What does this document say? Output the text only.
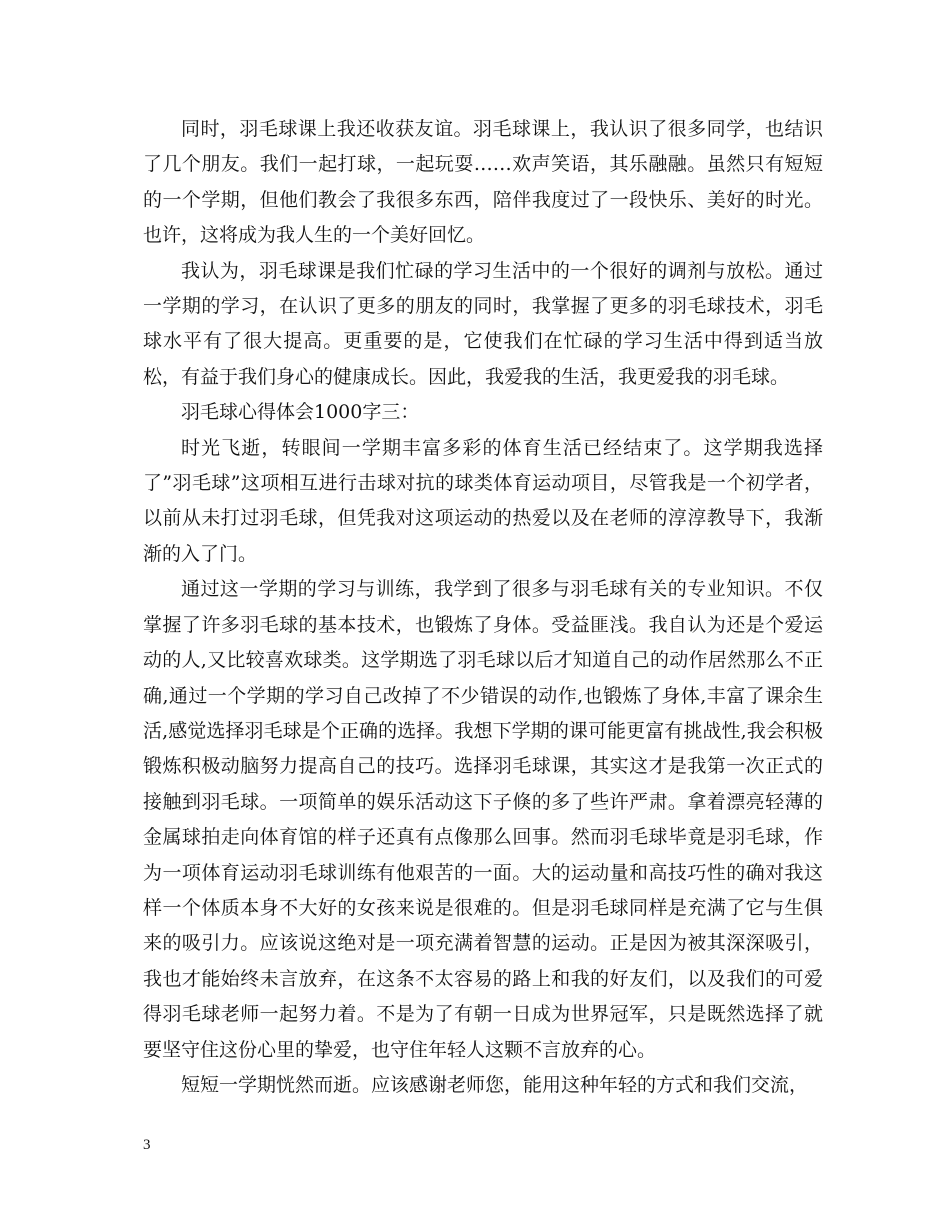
同时，羽毛球课上我还收获友谊。羽毛球课上，我认识了很多同学，也结识了几个朋友。我们一起打球，一起玩耍……欢声笑语，其乐融融。虽然只有短短的一个学期，但他们教会了我很多东西，陪伴我度过了一段快乐、美好的时光。也许，这将成为我人生的一个美好回忆。

我认为，羽毛球课是我们忙碌的学习生活中的一个很好的调剂与放松。通过一学期的学习，在认识了更多的朋友的同时，我掌握了更多的羽毛球技术，羽毛球水平有了很大提高。更重要的是，它使我们在忙碌的学习生活中得到适当放松，有益于我们身心的健康成长。因此，我爱我的生活，我更爱我的羽毛球。

羽毛球心得体会1000字三：

时光飞逝，转眼间一学期丰富多彩的体育生活已经结束了。这学期我选择了”羽毛球”这项相互进行击球对抗的球类体育运动项目，尽管我是一个初学者，以前从未打过羽毛球，但凭我对这项运动的热爱以及在老师的淳淳教导下，我渐渐的入了门。

通过这一学期的学习与训练，我学到了很多与羽毛球有关的专业知识。不仅掌握了许多羽毛球的基本技术，也锻炼了身体。受益匪浅。我自认为还是个爱运动的人,又比较喜欢球类。这学期选了羽毛球以后才知道自己的动作居然那么不正确,通过一个学期的学习自己改掉了不少错误的动作,也锻炼了身体,丰富了课余生活,感觉选择羽毛球是个正确的选择。我想下学期的课可能更富有挑战性,我会积极锻炼积极动脑努力提高自己的技巧。选择羽毛球课，其实这才是我第一次正式的接触到羽毛球。一项简单的娱乐活动这下子倏的多了些许严肃。拿着漂亮轻薄的金属球拍走向体育馆的样子还真有点像那么回事。然而羽毛球毕竟是羽毛球，作为一项体育运动羽毛球训练有他艰苦的一面。大的运动量和高技巧性的确对我这样一个体质本身不大好的女孩来说是很难的。但是羽毛球同样是充满了它与生俱来的吸引力。应该说这绝对是一项充满着智慧的运动。正是因为被其深深吸引，我也才能始终未言放弃，在这条不太容易的路上和我的好友们，以及我们的可爱得羽毛球老师一起努力着。不是为了有朝一日成为世界冠军，只是既然选择了就要坚守住这份心里的挚爱，也守住年轻人这颗不言放弃的心。

短短一学期恍然而逝。应该感谢老师您，能用这种年轻的方式和我们交流，

3
